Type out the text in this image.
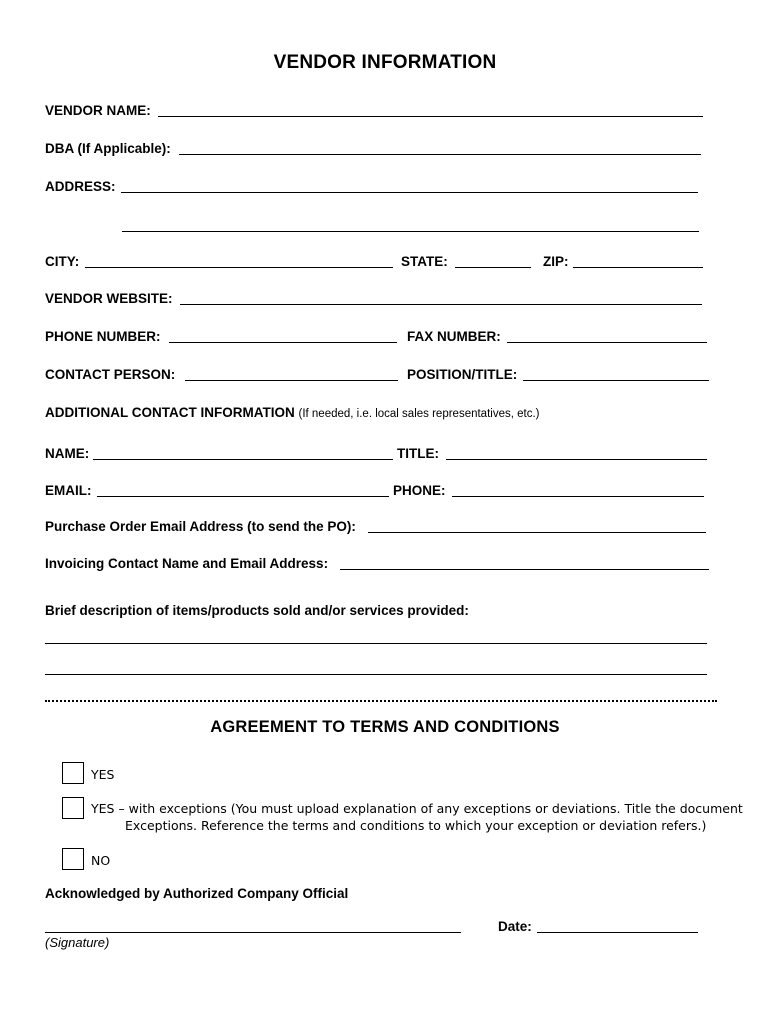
VENDOR INFORMATION
VENDOR NAME:
DBA (If Applicable):
ADDRESS:
CITY:	STATE:	ZIP:
VENDOR WEBSITE:
PHONE NUMBER:	FAX NUMBER:
CONTACT PERSON:	POSITION/TITLE:
ADDITIONAL CONTACT INFORMATION (If needed, i.e. local sales representatives, etc.)
NAME:	TITLE:
EMAIL:	PHONE:
Purchase Order Email Address (to send the PO):
Invoicing Contact Name and Email Address:
Brief description of items/products sold and/or services provided:
AGREEMENT TO TERMS AND CONDITIONS
YES
YES – with exceptions (You must upload explanation of any exceptions or deviations. Title the document
Exceptions. Reference the terms and conditions to which your exception or deviation refers.)
NO
Acknowledged by Authorized Company Official
(Signature)
Date:
